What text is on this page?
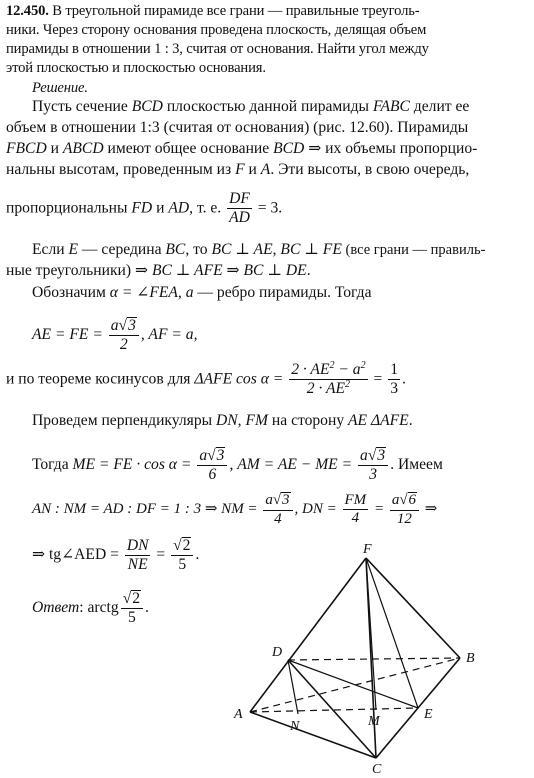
12.450. В треугольной пирамиде все грани — правильные треуголь-
ники. Через сторону основания проведена плоскость, делящая объем
пирамиды в отношении 1 : 3, считая от основания. Найти угол между
этой плоскостью и плоскостью основания.
Решение.
Пусть сечение BCD плоскостью данной пирамиды FABC делит ее
объем в отношении 1:3 (считая от основания) (рис. 12.60). Пирамиды
FBCD и ABCD имеют общее основание BCD ⇒ их объемы пропорцио-
нальны высотам, проведенным из F и A. Эти высоты, в свою очередь,
пропорциональны FD и AD, т. е. $\frac{DF}{AD} = 3$.
Если E — середина BC, то BC ⊥ AE, BC ⊥ FE (все грани — правиль-
ные треугольники) ⇒ BC ⊥ AFE ⇒ BC ⊥ DE.
Обозначим α = ∠FEA, a — ребро пирамиды. Тогда
AE = FE = $\frac{a√3}{2}$ , AF = a,
и по теореме косинусов для ΔAFE $\cos \alpha = \frac{2 \cdot AE^2 - a^2}{2 \cdot AE^2} = \frac{1}{3}$ .
Проведем перпендикуляры DN, FM на сторону AE ΔAFE.
Тогда ME = FE · $\cos \alpha = \frac{a√3}{6}$ , AM = AE − ME = $\frac{a√3}{3}$ . Имеем
AN : NM = AD : DF = 1 : 3 ⇒ NM = $\frac{a√3}{4}$ , DN = $\frac{FM}{4} = \frac{a√6}{12}$ ⇒
⇒ tg∠AED = $\frac{DN}{NE} = \frac{√2}{5}$ .
Ответ: arctg $\frac{√2}{5}$ .
F
D	B
A
N	M	E
C
